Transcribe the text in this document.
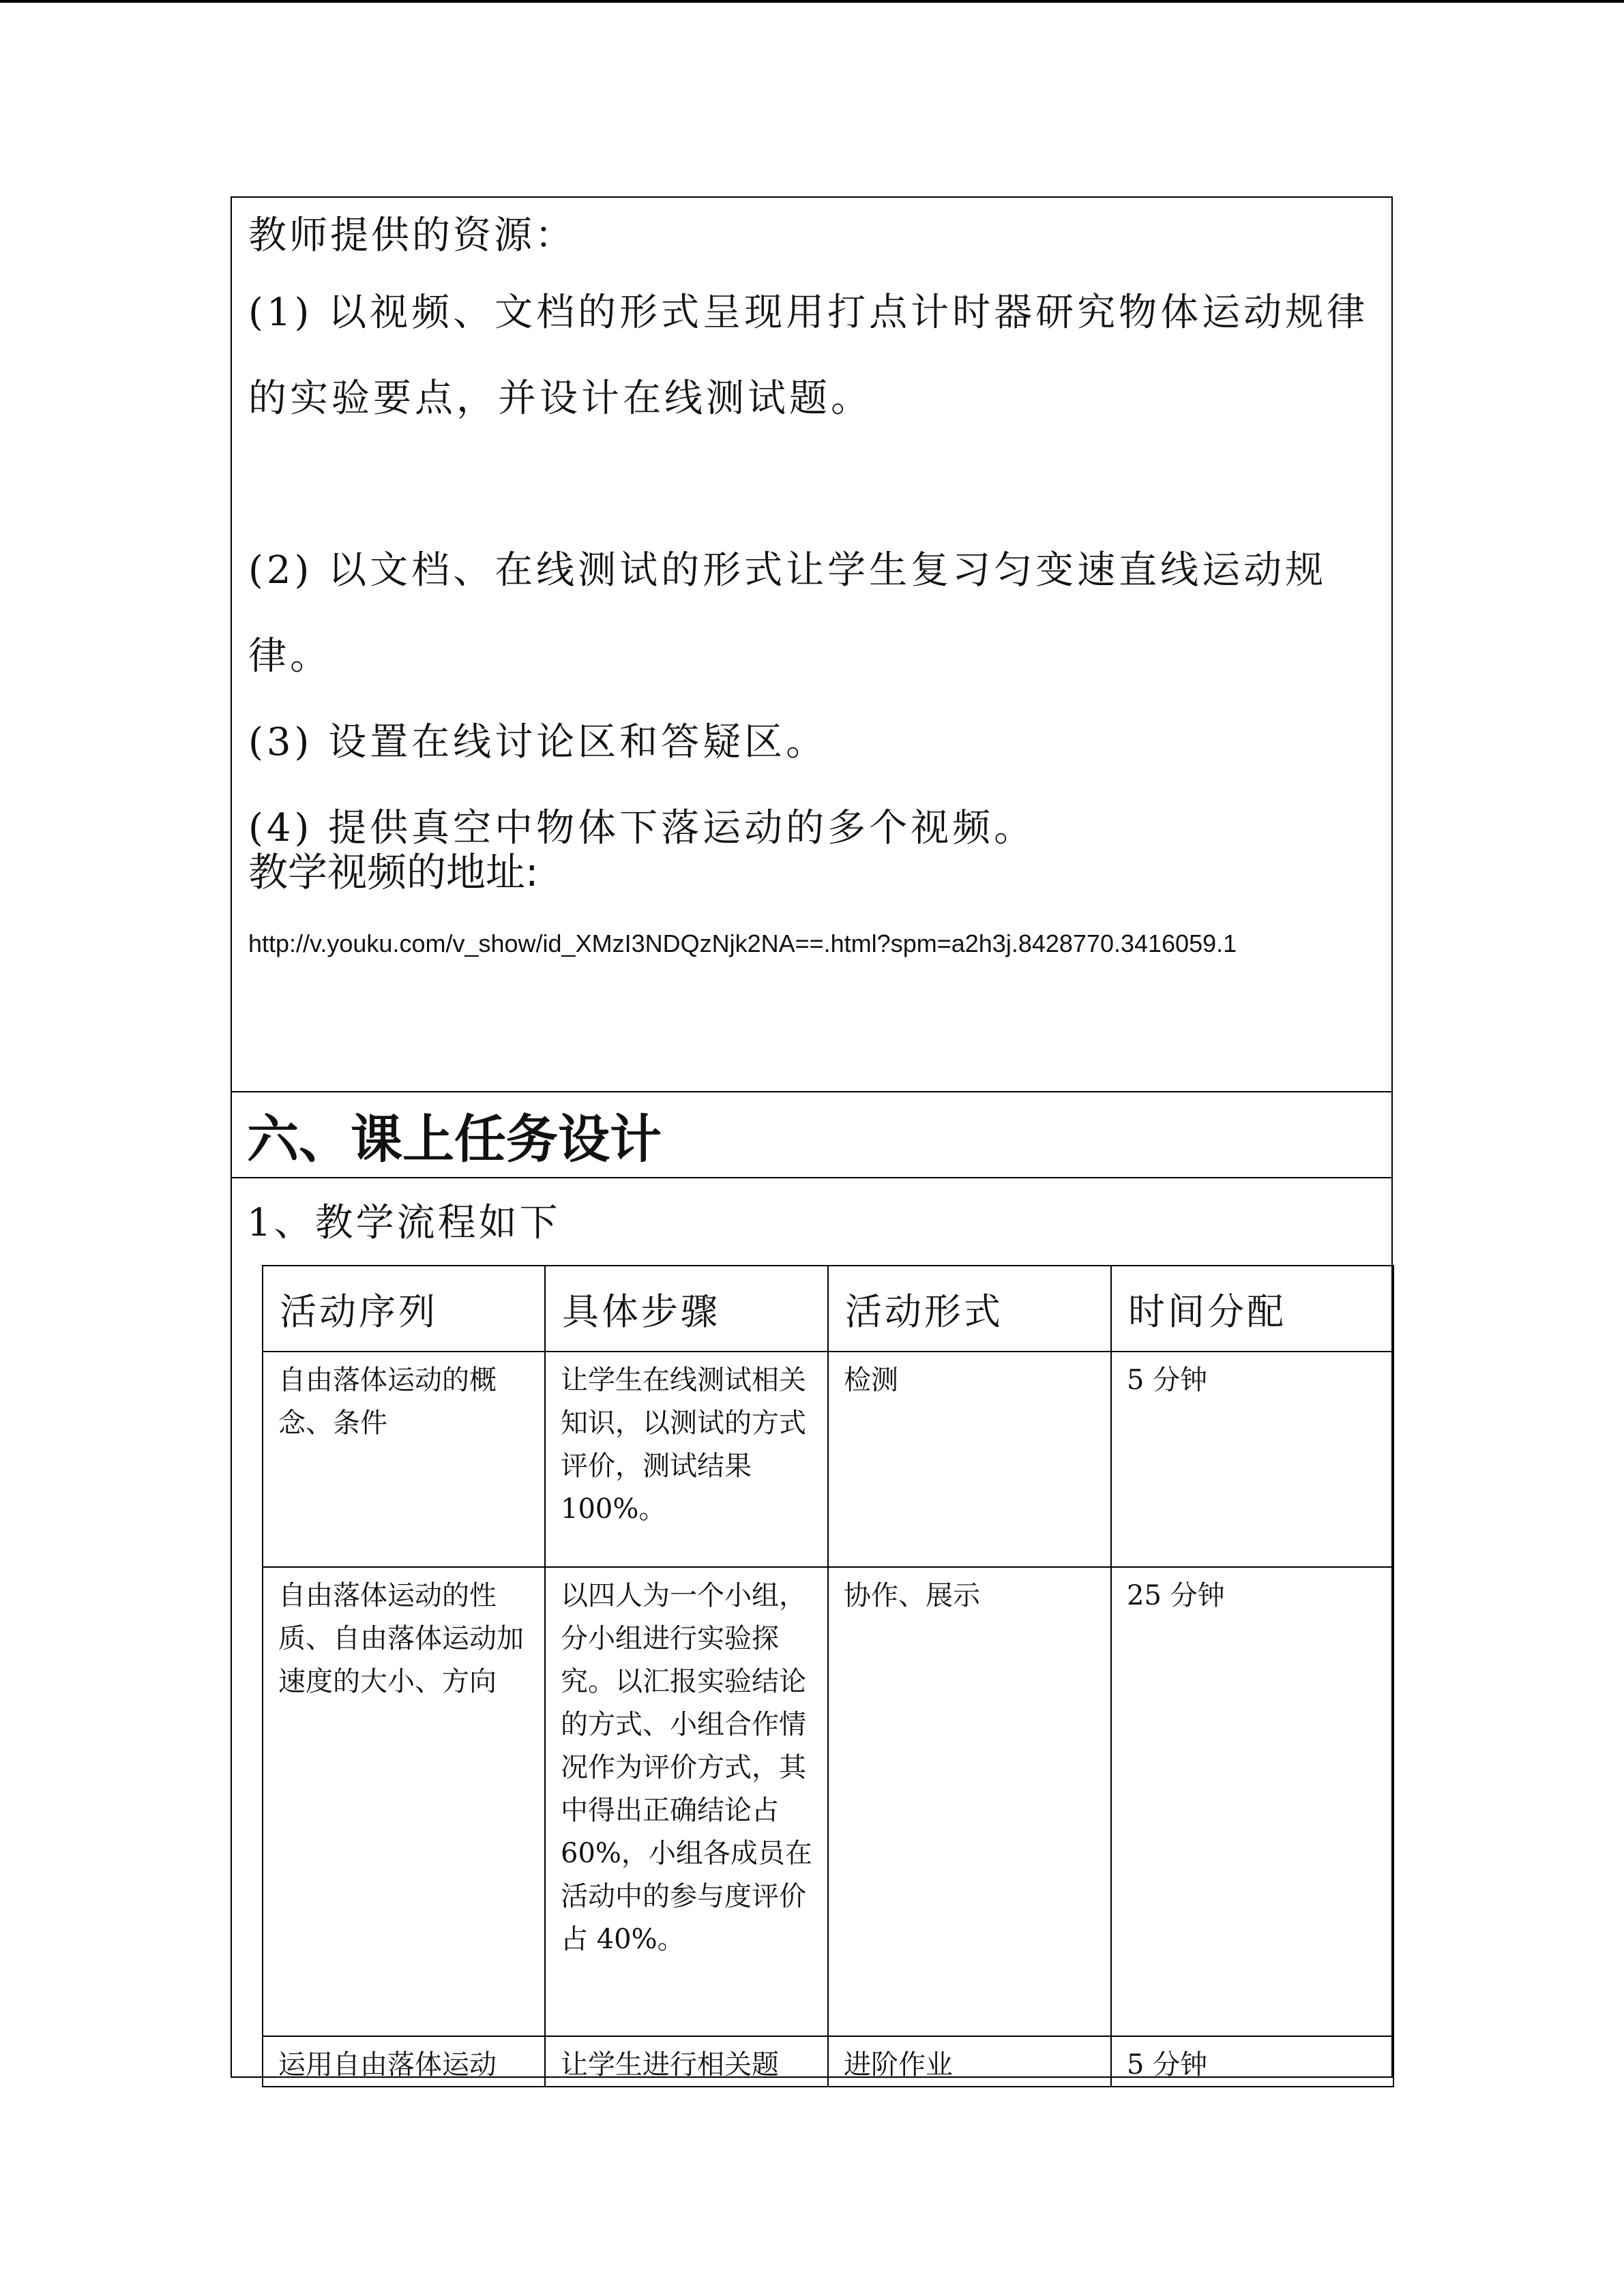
教师提供的资源：
(1) 以视频、文档的形式呈现用打点计时器研究物体运动规律的实验要点，并设计在线测试题。
(2) 以文档、在线测试的形式让学生复习匀变速直线运动规律。
(3) 设置在线讨论区和答疑区。
(4) 提供真空中物体下落运动的多个视频。
教学视频的地址:
http://v.youku.com/v_show/id_XMzI3NDQzNjk2NA==.html?spm=a2h3j.8428770.3416059.1
六、课上任务设计
1、教学流程如下
活动序列	具体步骤	活动形式	时间分配

自由落体运动的概念、条件	让学生在线测试相关知识，以测试的方式评价，测试结果 100%。	检测	5 分钟

自由落体运动的性质、自由落体运动加速度的大小、方向	以四人为一个小组，分小组进行实验探究。以汇报实验结论的方式、小组合作情况作为评价方式，其中得出正确结论占 60%，小组各成员在活动中的参与度评价占 40%。	协作、展示	25 分钟

运用自由落体运动	让学生进行相关题	进阶作业	5 分钟
